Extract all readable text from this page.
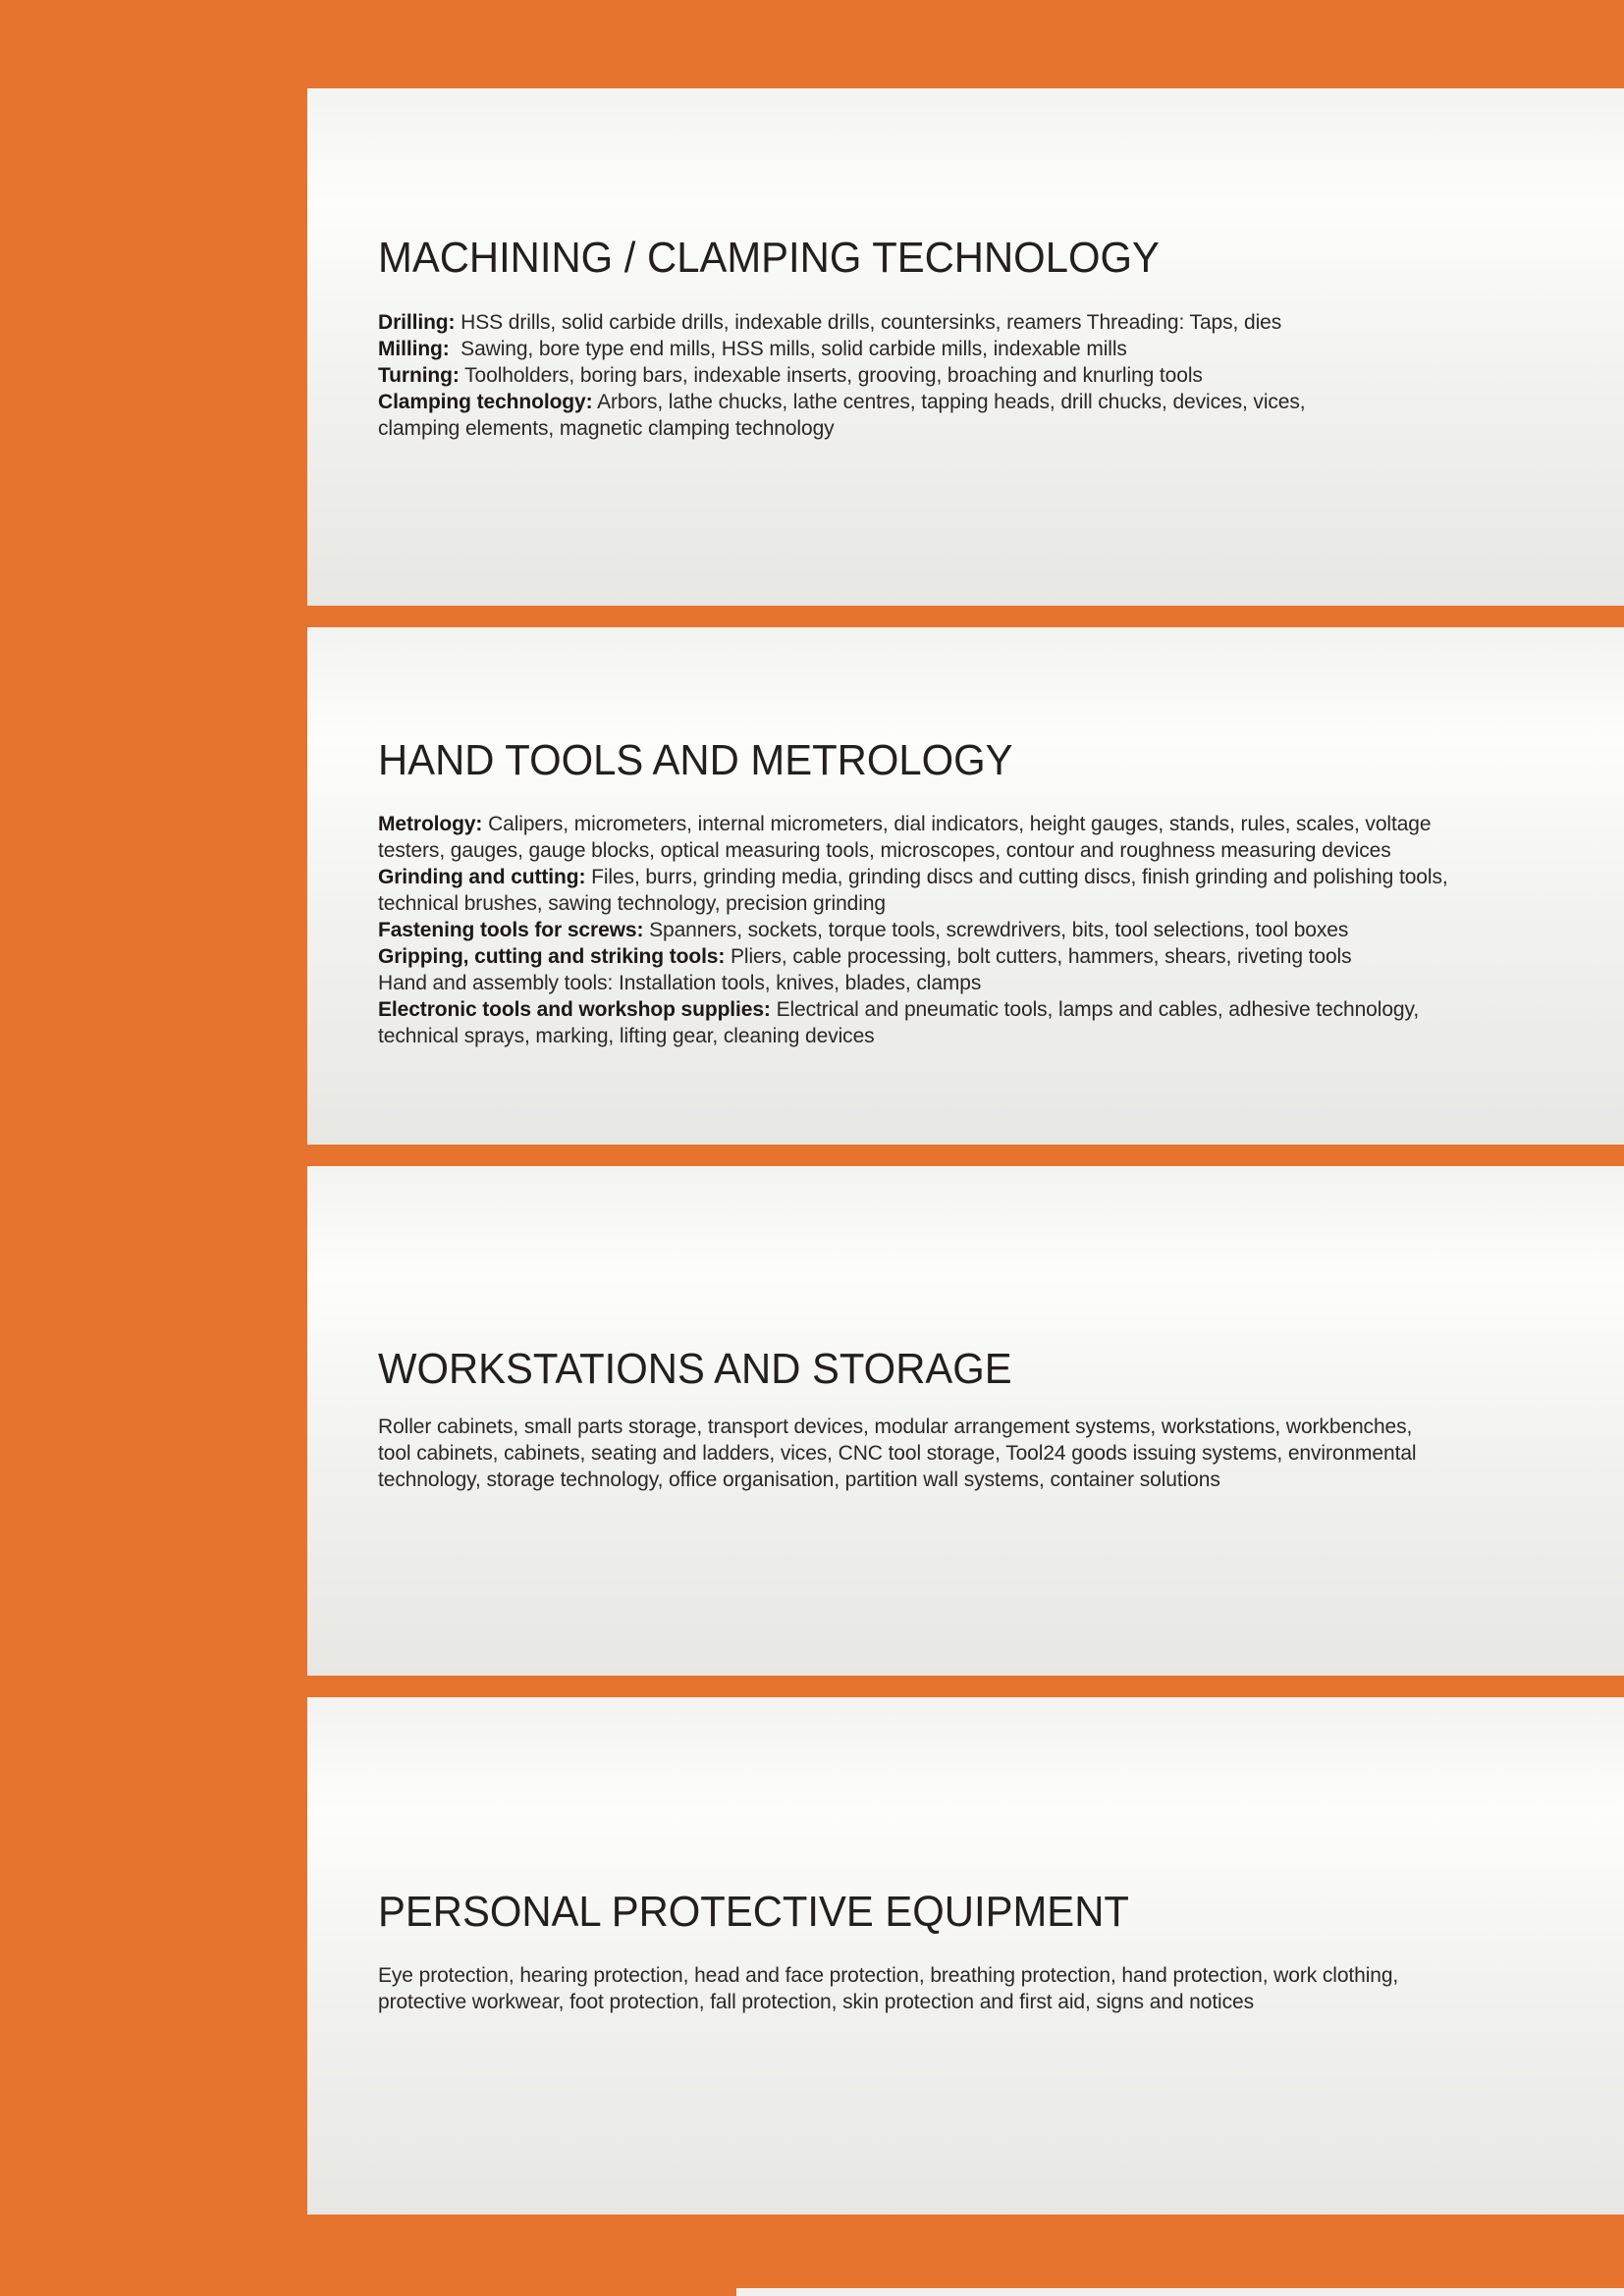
MACHINING / CLAMPING TECHNOLOGY
Drilling: HSS drills, solid carbide drills, indexable drills, countersinks, reamers Threading: Taps, dies
Milling:  Sawing, bore type end mills, HSS mills, solid carbide mills, indexable mills
Turning: Toolholders, boring bars, indexable inserts, grooving, broaching and knurling tools
Clamping technology: Arbors, lathe chucks, lathe centres, tapping heads, drill chucks, devices, vices,
clamping elements, magnetic clamping technology
HAND TOOLS AND METROLOGY
Metrology: Calipers, micrometers, internal micrometers, dial indicators, height gauges, stands, rules, scales, voltage
testers, gauges, gauge blocks, optical measuring tools, microscopes, contour and roughness measuring devices
Grinding and cutting: Files, burrs, grinding media, grinding discs and cutting discs, finish grinding and polishing tools,
technical brushes, sawing technology, precision grinding
Fastening tools for screws: Spanners, sockets, torque tools, screwdrivers, bits, tool selections, tool boxes
Gripping, cutting and striking tools: Pliers, cable processing, bolt cutters, hammers, shears, riveting tools
Hand and assembly tools: Installation tools, knives, blades, clamps
Electronic tools and workshop supplies: Electrical and pneumatic tools, lamps and cables, adhesive technology,
technical sprays, marking, lifting gear, cleaning devices
WORKSTATIONS AND STORAGE
Roller cabinets, small parts storage, transport devices, modular arrangement systems, workstations, workbenches,
tool cabinets, cabinets, seating and ladders, vices, CNC tool storage, Tool24 goods issuing systems, environmental
technology, storage technology, office organisation, partition wall systems, container solutions
PERSONAL PROTECTIVE EQUIPMENT
Eye protection, hearing protection, head and face protection, breathing protection, hand protection, work clothing,
protective workwear, foot protection, fall protection, skin protection and first aid, signs and notices
